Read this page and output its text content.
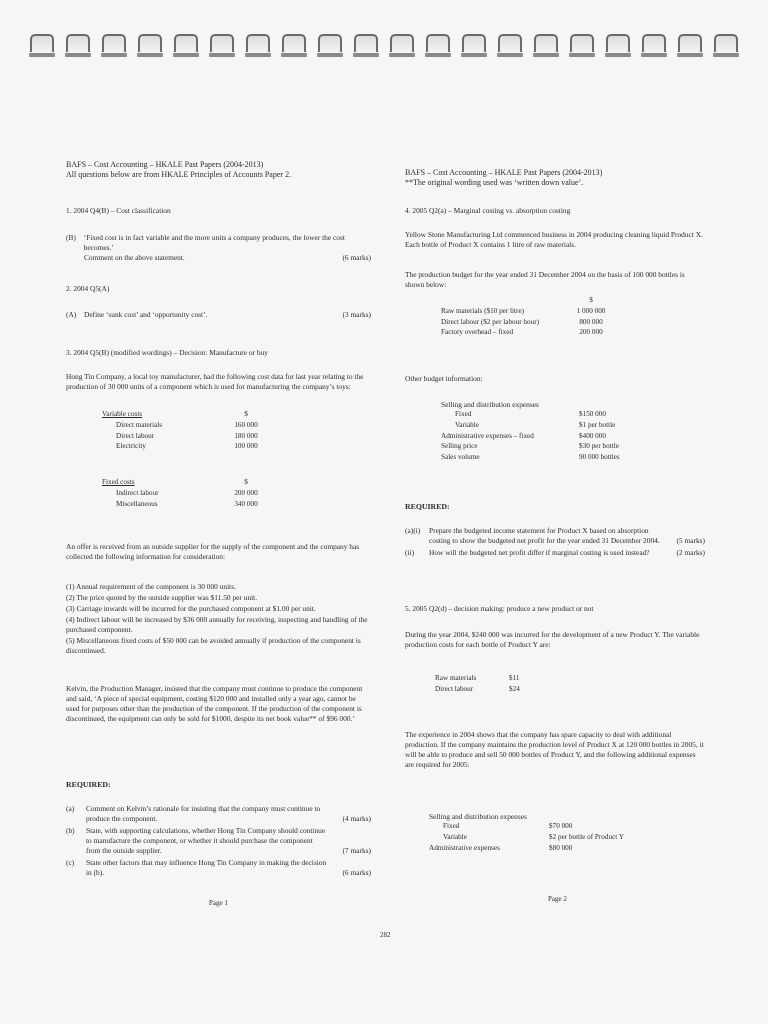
BAFS – Cost Accounting – HKALE Past Papers (2004-2013)
All questions below are from HKALE Principles of Accounts Paper 2.
1. 2004 Q4(B) – Cost classification
(B)	‘Fixed cost is in fact variable and the more units a company produces, the lower the cost becomes.’
Comment on the above statement.	(6 marks)
2. 2004 Q5(A)
(A) Define ‘sunk cost’ and ‘opportunity cost’.	(3 marks)
3. 2004 Q5(B) (modified wordings) – Decision: Manufacture or buy
Hong Tin Company, a local toy manufacturer, had the following cost data for last year relating to the production of 30 000 units of a component which is used for manufacturing the company’s toys:
Variable costs	$
Direct materials	160 000
Direct labour	180 000
Electricity	100 000
Fixed costs	$
Indirect labour	200 000
Miscellaneous	340 000
An offer is received from an outside supplier for the supply of the component and the company has collected the following information for consideration:
(1) Annual requirement of the component is 30 000 units.
(2) The price quoted by the outside supplier was $11.50 per unit.
(3) Carriage inwards will be incurred for the purchased component at $1.00 per unit.
(4) Indirect labour will be increased by $36 000 annually for receiving, inspecting and handling of the purchased component.
(5) Miscellaneous fixed costs of $50 000 can be avoided annually if production of the component is discontinued.
Kelvin, the Production Manager, insisted that the company must continue to produce the component and said, ‘A piece of special equipment, costing $120 000 and installed only a year ago, cannot be used for purposes other than the production of the component. If the production of the component is discontinued, the equipment can only be sold for $1000, despite its net book value** of $96 000.’
REQUIRED:
(a)	Comment on Kelvin’s rationale for insisting that the company must continue to produce the component.	(4 marks)
(b)	State, with supporting calculations, whether Hong Tin Company should continue to manufacture the component, or whether it should purchase the component from the outside supplier.	(7 marks)
(c)	State other factors that may influence Hong Tin Company in making the decision in (b).	(6 marks)
Page 1
BAFS – Cost Accounting – HKALE Past Papers (2004-2013)
**The original wording used was ‘written down value’.
4. 2005 Q2(a) – Marginal costing vs. absorption costing
Yellow Stone Manufacturing Ltd commenced business in 2004 producing cleaning liquid Product X. Each bottle of Product X contains 1 litre of raw materials.
The production budget for the year ended 31 December 2004 on the basis of 100 000 bottles is shown below:
	$
Raw materials ($10 per litre)	1 000 000
Direct labour ($2 per labour hour)	800 000
Factory overhead – fixed	200 000
Other budget information:
Selling and distribution expenses
Fixed	$150 000
Variable	$1 per bottle
Administrative expenses – fixed	$400 000
Selling price	$30 per bottle
Sales volume	90 000 bottles
REQUIRED:
(a)(i)	Prepare the budgeted income statement for Product X based on absorption costing to show the budgeted net profit for the year ended 31 December 2004.	(5 marks)
(ii)	How will the budgeted net profit differ if marginal costing is used instead?	(2 marks)
5. 2005 Q2(d) – decision making: produce a new product or not
During the year 2004, $240 000 was incurred for the development of a new Product Y. The variable production costs for each bottle of Product Y are:
Raw materials	$11
Direct labour	$24
The experience in 2004 shows that the company has spare capacity to deal with additional production. If the company maintains the production level of Product X at 120 000 bottles in 2005, it will be able to produce and sell 50 000 bottles of Product Y, and the following additional expenses are required for 2005:
Selling and distribution expenses
Fixed	$70 000
Variable	$2 per bottle of Product Y
Administrative expenses	$80 000
Page 2
282
